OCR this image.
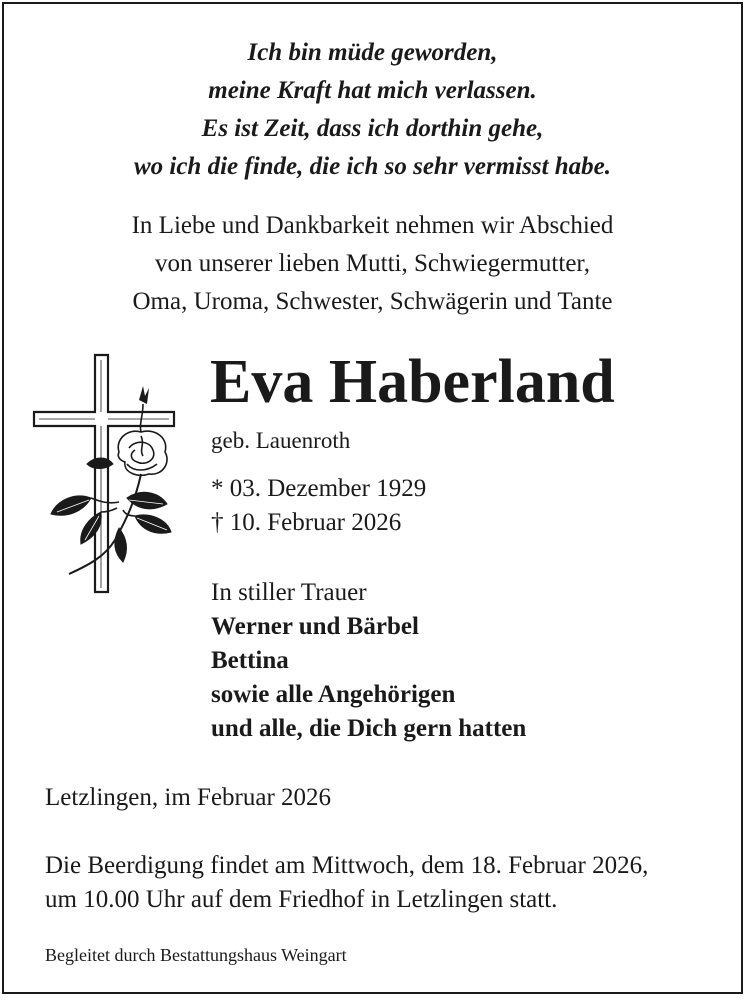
Ich bin müde geworden,
meine Kraft hat mich verlassen.
Es ist Zeit, dass ich dorthin gehe,
wo ich die finde, die ich so sehr vermisst habe.
In Liebe und Dankbarkeit nehmen wir Abschied
von unserer lieben Mutti, Schwiegermutter,
Oma, Uroma, Schwester, Schwägerin und Tante
Eva Haberland
geb. Lauenroth
* 03. Dezember 1929
† 10. Februar 2026
In stiller Trauer
Werner und Bärbel
Bettina
sowie alle Angehörigen
und alle, die Dich gern hatten
Letzlingen, im Februar 2026
Die Beerdigung findet am Mittwoch, dem 18. Februar 2026,
um 10.00 Uhr auf dem Friedhof in Letzlingen statt.
Begleitet durch Bestattungshaus Weingart
